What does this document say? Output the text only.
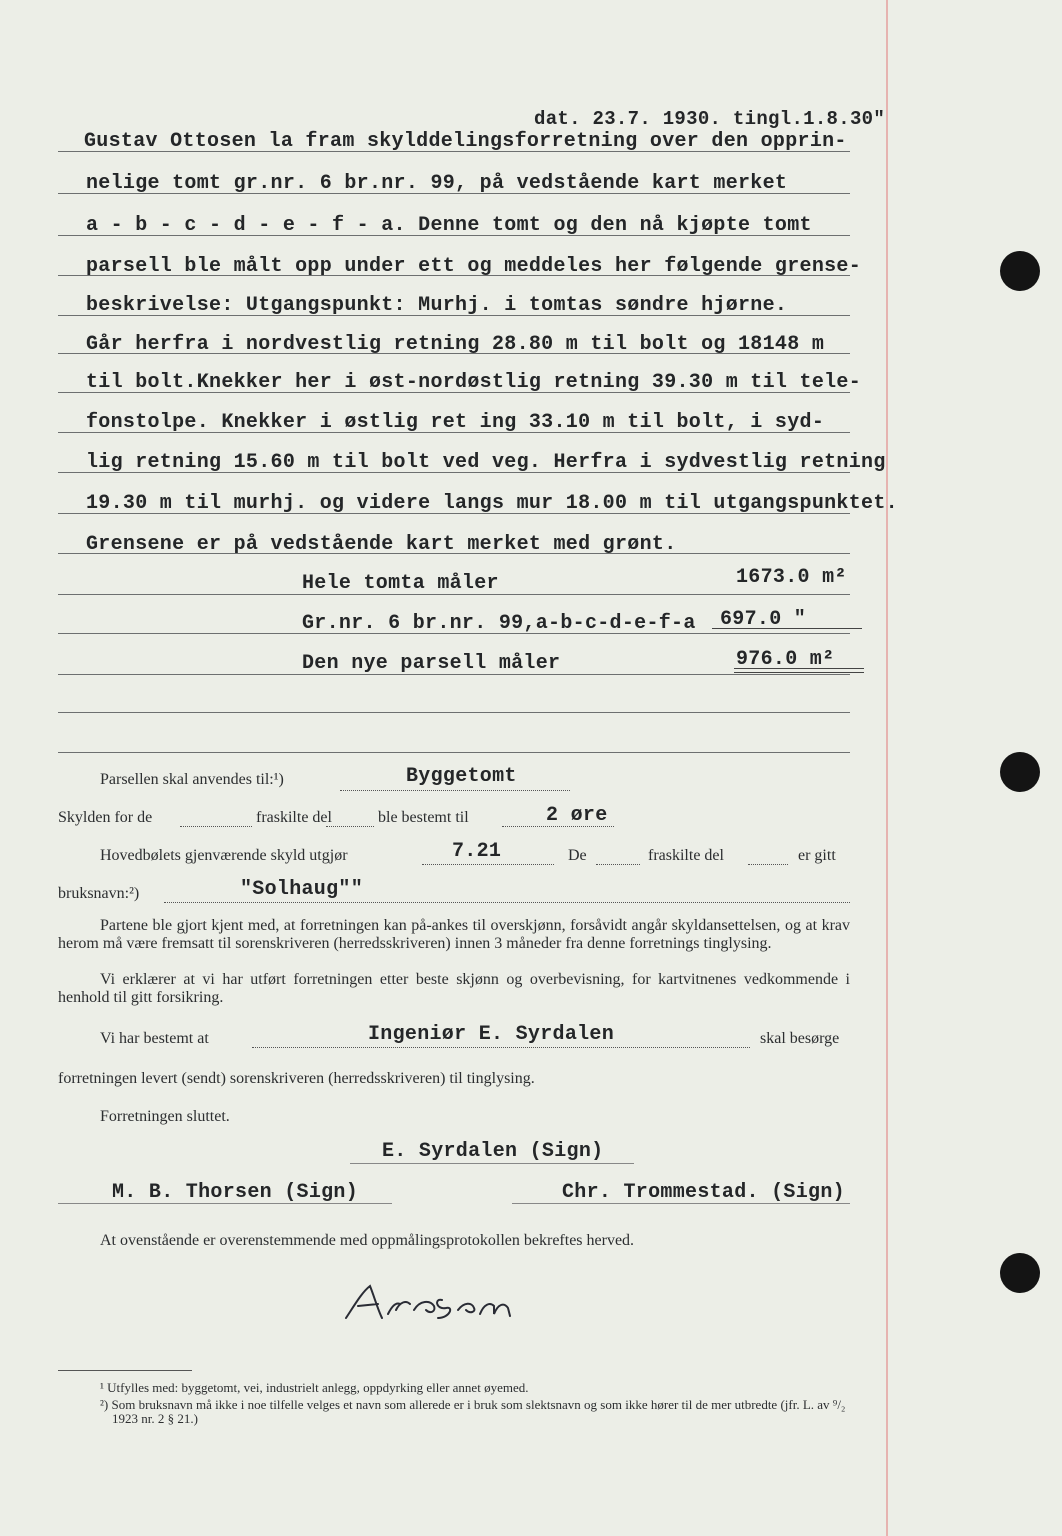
dat. 23.7. 1930. tingl.1.8.30"
Gustav Ottosen la fram skylddelingsforretning over den opprin-
nelige tomt gr.nr. 6 br.nr. 99, på vedstående kart merket
a - b - c - d - e - f - a. Denne tomt og den nå kjøpte tomt
parsell ble målt opp under ett og meddeles her følgende grense-
beskrivelse: Utgangspunkt: Murhj. i tomtas søndre hjørne.
Går herfra i nordvestlig retning 28.80 m til bolt og 18148 m
til bolt.Knekker her i øst-nordøstlig retning 39.30 m til tele-
fonstolpe. Knekker i østlig ret ing 33.10 m til bolt, i syd-
lig retning 15.60 m til bolt ved veg. Herfra i sydvestlig retning
19.30 m til murhj. og videre langs mur 18.00 m til utgangspunktet.
Grensene er på vedstående kart merket med grønt.
Hele tomta måler	1673.0 m²
Gr.nr. 6 br.nr. 99,a-b-c-d-e-f-a 697.0 "
Den nye parsell måler	976.0 m²
Parsellen skal anvendes til:¹)	Byggetomt
Skylden for de	fraskilte del	ble bestemt til	2 øre
Hovedbølets gjenværende skyld utgjør	7.21	De	fraskilte del	er gitt
bruksnavn:²)	"Solhaug""
Partene ble gjort kjent med, at forretningen kan på-ankes til overskjønn, forsåvidt angår skyldansettelsen, og at krav herom må være fremsatt til sorenskriveren (herredsskriveren) innen 3 måneder fra denne forretnings tinglysing.
Vi erklærer at vi har utført forretningen etter beste skjønn og overbevisning, for kartvitnenes vedkommende i henhold til gitt forsikring.
Vi har bestemt at	Ingeniør E. Syrdalen	skal besørge
forretningen levert (sendt) sorenskriveren (herredsskriveren) til tinglysing.
Forretningen sluttet.
E. Syrdalen (Sign)
M. B. Thorsen (Sign)	Chr. Trommestad. (Sign)
At ovenstående er overenstemmende med oppmålingsprotokollen bekreftes herved.
¹ Utfylles med: byggetomt, vei, industrielt anlegg, oppdyrking eller annet øyemed.
²) Som bruksnavn må ikke i noe tilfelle velges et navn som allerede er i bruk som slektsnavn og som ikke hører til de mer utbredte (jfr. L. av ⁹/₂ 1923 nr. 2 § 21.)
